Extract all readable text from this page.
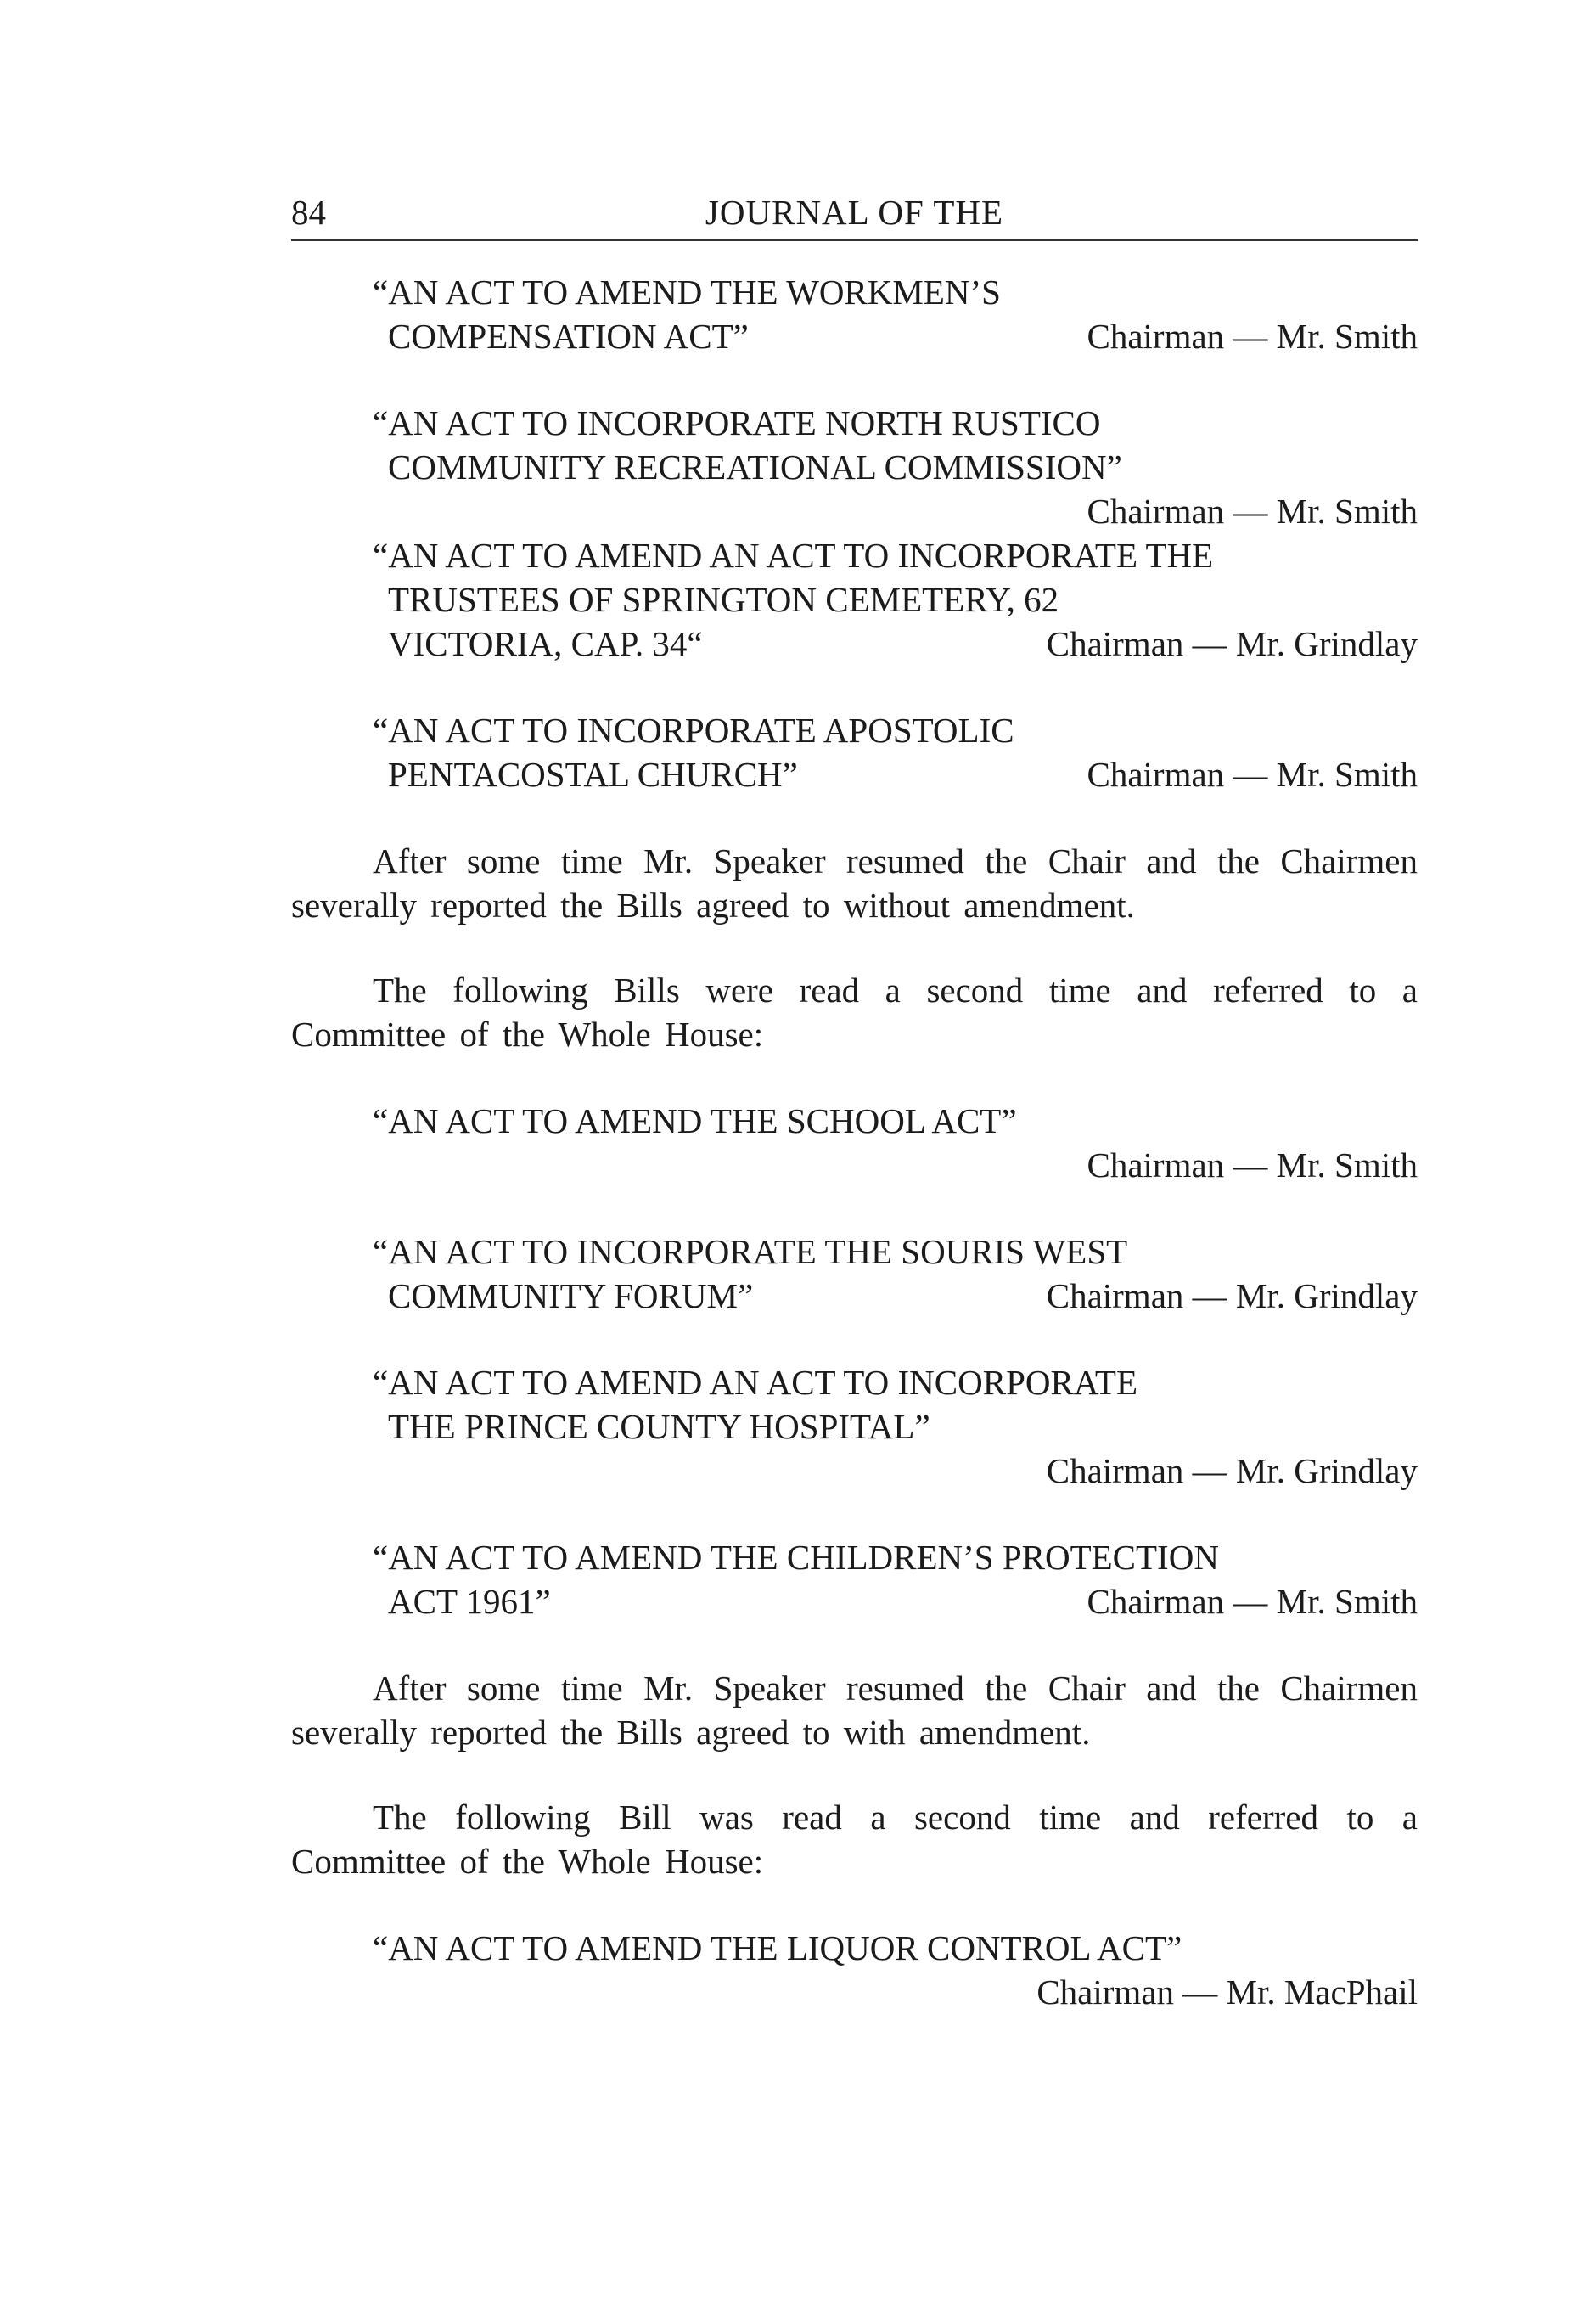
84	JOURNAL OF THE
“AN ACT TO AMEND THE WORKMEN’S
COMPENSATION ACT”	Chairman — Mr. Smith
“AN ACT TO INCORPORATE NORTH RUSTICO
COMMUNITY RECREATIONAL COMMISSION”
Chairman — Mr. Smith
“AN ACT TO AMEND AN ACT TO INCORPORATE THE
TRUSTEES OF SPRINGTON CEMETERY, 62
VICTORIA, CAP. 34“	Chairman — Mr. Grindlay
“AN ACT TO INCORPORATE APOSTOLIC
PENTACOSTAL CHURCH”	Chairman — Mr. Smith

After some time Mr. Speaker resumed the Chair and the Chairmen severally reported the Bills agreed to without amendment.

The following Bills were read a second time and referred to a Committee of the Whole House:

“AN ACT TO AMEND THE SCHOOL ACT”
Chairman — Mr. Smith
“AN ACT TO INCORPORATE THE SOURIS WEST
COMMUNITY FORUM”	Chairman — Mr. Grindlay
“AN ACT TO AMEND AN ACT TO INCORPORATE
THE PRINCE COUNTY HOSPITAL”
Chairman — Mr. Grindlay
“AN ACT TO AMEND THE CHILDREN’S PROTECTION
ACT 1961”	Chairman — Mr. Smith

After some time Mr. Speaker resumed the Chair and the Chairmen severally reported the Bills agreed to with amendment.

The following Bill was read a second time and referred to a Committee of the Whole House:

“AN ACT TO AMEND THE LIQUOR CONTROL ACT”
Chairman — Mr. MacPhail
